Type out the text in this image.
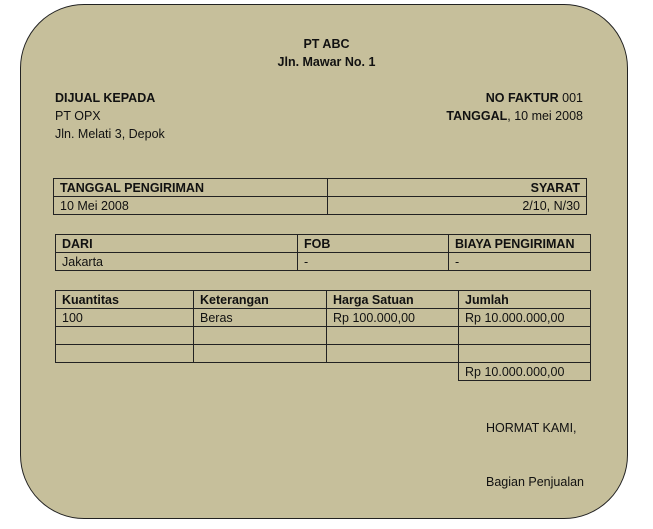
PT ABC
Jln. Mawar No. 1
DIJUAL KEPADA
PT OPX
Jln. Melati 3, Depok
NO FAKTUR 001
TANGGAL, 10 mei 2008
TANGGAL PENGIRIMAN	SYARAT
10 Mei 2008	2/10, N/30
DARI	FOB	BIAYA PENGIRIMAN
Jakarta	-	-
Kuantitas	Keterangan	Harga Satuan	Jumlah
100	Beras	Rp 100.000,00	Rp 10.000.000,00

			Rp 10.000.000,00
HORMAT KAMI,
Bagian Penjualan
